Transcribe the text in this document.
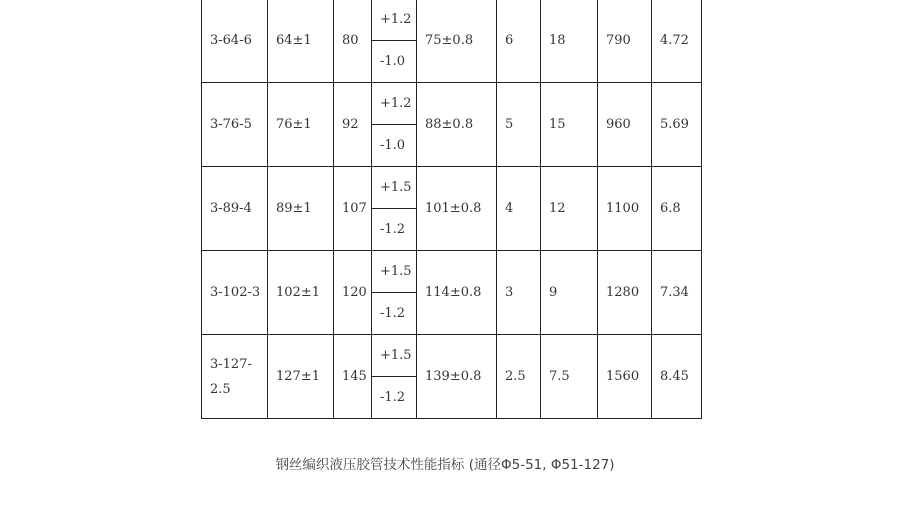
3-64-6	64±1	80	+1.2	75±0.8	6	18	790	4.72
			-1.0					
3-76-5	76±1	92	+1.2	88±0.8	5	15	960	5.69
			-1.0					
3-89-4	89±1	107	+1.5	101±0.8	4	12	1100	6.8
			-1.2					
3-102-3	102±1	120	+1.5	114±0.8	3	9	1280	7.34
			-1.2					
3-127-
2.5	127±1	145	+1.5	139±0.8	2.5	7.5	1560	8.45
			-1.2					
钢丝编织液压胶管技术性能指标 (通径Φ5-51, Φ51-127)
